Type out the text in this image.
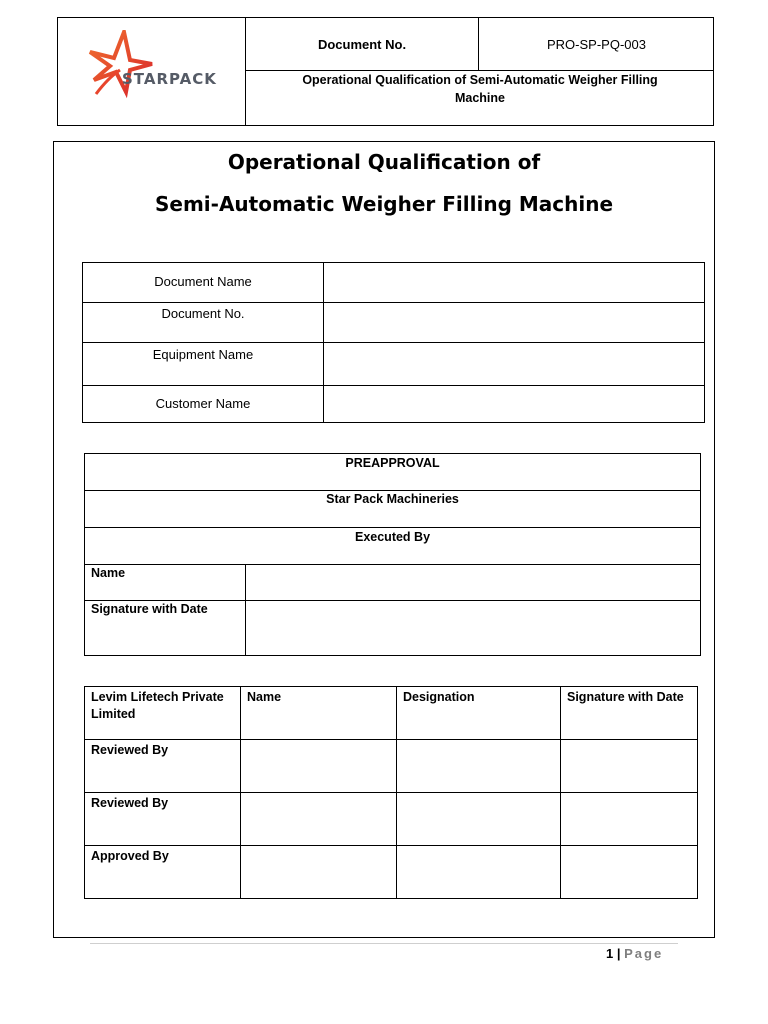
STARPACK
Document No.	PRO-SP-PQ-003
Operational Qualification of Semi-Automatic Weigher Filling Machine
Operational Qualification of
Semi-Automatic Weigher Filling Machine
Document Name	
Document No.	
Equipment Name	
Customer Name	
PREAPPROVAL	
Star Pack Machineries	
Executed By	
Name	
Signature with Date	
Levim Lifetech Private Limited	Name	Designation	Signature with Date
Reviewed By			
Reviewed By			
Approved By			
1 | Page
